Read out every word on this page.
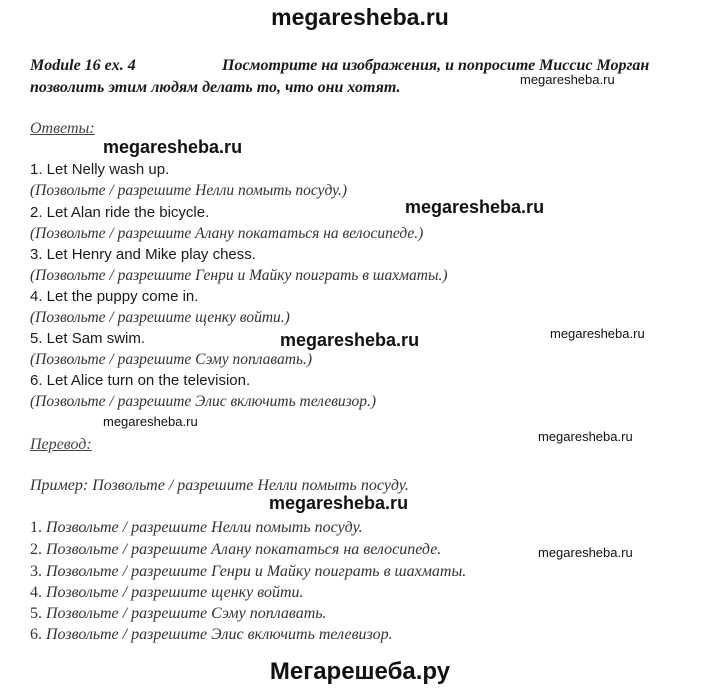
megaresheba.ru
Module 16 ex. 4	Посмотрите на изображения, и попросите Миссис Морган
позволить этим людям делать то, что они хотят.
Ответы:
1. Let Nelly wash up.
(Позвольте / разрешите Нелли помыть посуду.)
2. Let Alan ride the bicycle.
(Позвольте / разрешите Алану покататься на велосипеде.)
3. Let Henry and Mike play chess.
(Позвольте / разрешите Генри и Майку поиграть в шахматы.)
4. Let the puppy come in.
(Позвольте / разрешите щенку войти.)
5. Let Sam swim.
(Позвольте / разрешите Сэму поплавать.)
6. Let Alice turn on the television.
(Позвольте / разрешите Элис включить телевизор.)
Перевод:
Пример: Позвольте / разрешите Нелли помыть посуду.
1. Позвольте / разрешите Нелли помыть посуду.
2. Позвольте / разрешите Алану покататься на велосипеде.
3. Позвольте / разрешите Генри и Майку поиграть в шахматы.
4. Позвольте / разрешите щенку войти.
5. Позвольте / разрешите Сэму поплавать.
6. Позвольте / разрешите Элис включить телевизор.
megaresheba.ru
megaresheba.ru
megaresheba.ru
megaresheba.ru	megaresheba.ru
megaresheba.ru
megaresheba.ru
megaresheba.ru
megaresheba.ru
Мегарешеба.ру
